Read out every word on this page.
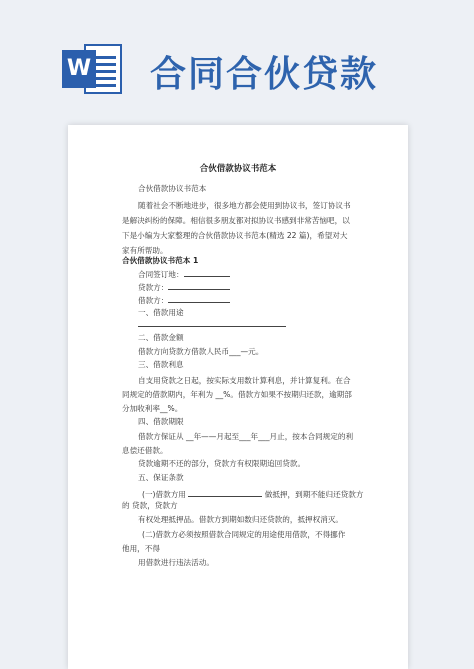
W 合同合伙贷款
合伙借款协议书范本
合伙借款协议书范本
随着社会不断地进步，很多地方都会使用到协议书，签订协议书
是解决纠纷的保障。相信很多朋友都对拟协议书感到非常苦恼吧，以
下是小编为大家整理的合伙借款协议书范本(精选 22 篇)，希望对大
家有所帮助。
合伙借款协议书范本 1
合同签订地：
贷款方：
借款方：
一、借款用途
二、借款金额
借款方向贷款方借款人民币___—元。
三、借款利息
自支用贷款之日起，按实际支用数计算利息，并计算复利。在合
同规定的借款期内，年利为 __%。借款方如果不按期归还款，逾期部
分加收利率__%。
四、借款期限
借款方保证从 __年——月起至___年___月止，按本合同规定的利
息偿还借款。
贷款逾期不还的部分，贷款方有权限期追回贷款。
五、保证条款
(一)借款方用	做抵押，到期不能归还贷款方
的 贷款，贷款方
有权处理抵押品。借款方到期如数归还贷款的，抵押权消灭。
(二)借款方必须按照借款合同规定的用途使用借款，不得挪作
他用，不得
用借款进行违法活动。
